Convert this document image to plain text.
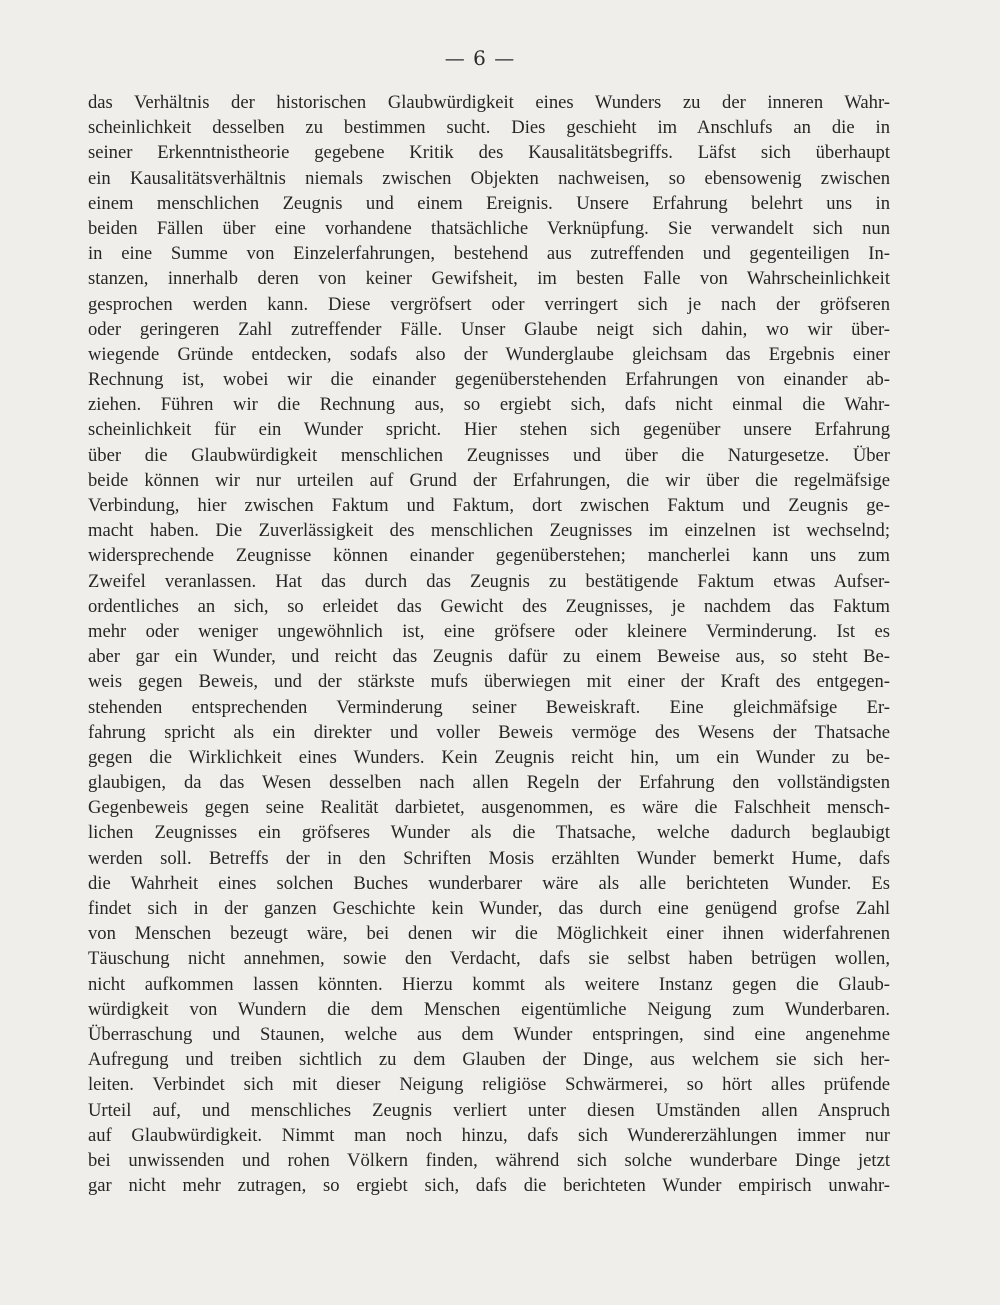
— 6 —
das Verhältnis der historischen Glaubwürdigkeit eines Wunders zu der inneren Wahr-
scheinlichkeit desselben zu bestimmen sucht. Dies geschieht im Anschlufs an die in
seiner Erkenntnistheorie gegebene Kritik des Kausalitätsbegriffs. Läfst sich überhaupt
ein Kausalitätsverhältnis niemals zwischen Objekten nachweisen, so ebensowenig zwischen
einem menschlichen Zeugnis und einem Ereignis. Unsere Erfahrung belehrt uns in
beiden Fällen über eine vorhandene thatsächliche Verknüpfung. Sie verwandelt sich nun
in eine Summe von Einzelerfahrungen, bestehend aus zutreffenden und gegenteiligen In-
stanzen, innerhalb deren von keiner Gewifsheit, im besten Falle von Wahrscheinlichkeit
gesprochen werden kann. Diese vergröfsert oder verringert sich je nach der gröfseren
oder geringeren Zahl zutreffender Fälle. Unser Glaube neigt sich dahin, wo wir über-
wiegende Gründe entdecken, sodafs also der Wunderglaube gleichsam das Ergebnis einer
Rechnung ist, wobei wir die einander gegenüberstehenden Erfahrungen von einander ab-
ziehen. Führen wir die Rechnung aus, so ergiebt sich, dafs nicht einmal die Wahr-
scheinlichkeit für ein Wunder spricht. Hier stehen sich gegenüber unsere Erfahrung
über die Glaubwürdigkeit menschlichen Zeugnisses und über die Naturgesetze. Über
beide können wir nur urteilen auf Grund der Erfahrungen, die wir über die regelmäfsige
Verbindung, hier zwischen Faktum und Faktum, dort zwischen Faktum und Zeugnis ge-
macht haben. Die Zuverlässigkeit des menschlichen Zeugnisses im einzelnen ist wechselnd;
widersprechende Zeugnisse können einander gegenüberstehen; mancherlei kann uns zum
Zweifel veranlassen. Hat das durch das Zeugnis zu bestätigende Faktum etwas Aufser-
ordentliches an sich, so erleidet das Gewicht des Zeugnisses, je nachdem das Faktum
mehr oder weniger ungewöhnlich ist, eine gröfsere oder kleinere Verminderung. Ist es
aber gar ein Wunder, und reicht das Zeugnis dafür zu einem Beweise aus, so steht Be-
weis gegen Beweis, und der stärkste mufs überwiegen mit einer der Kraft des entgegen-
stehenden entsprechenden Verminderung seiner Beweiskraft. Eine gleichmäfsige Er-
fahrung spricht als ein direkter und voller Beweis vermöge des Wesens der Thatsache
gegen die Wirklichkeit eines Wunders. Kein Zeugnis reicht hin, um ein Wunder zu be-
glaubigen, da das Wesen desselben nach allen Regeln der Erfahrung den vollständigsten
Gegenbeweis gegen seine Realität darbietet, ausgenommen, es wäre die Falschheit mensch-
lichen Zeugnisses ein gröfseres Wunder als die Thatsache, welche dadurch beglaubigt
werden soll. Betreffs der in den Schriften Mosis erzählten Wunder bemerkt Hume, dafs
die Wahrheit eines solchen Buches wunderbarer wäre als alle berichteten Wunder. Es
findet sich in der ganzen Geschichte kein Wunder, das durch eine genügend grofse Zahl
von Menschen bezeugt wäre, bei denen wir die Möglichkeit einer ihnen widerfahrenen
Täuschung nicht annehmen, sowie den Verdacht, dafs sie selbst haben betrügen wollen,
nicht aufkommen lassen könnten. Hierzu kommt als weitere Instanz gegen die Glaub-
würdigkeit von Wundern die dem Menschen eigentümliche Neigung zum Wunderbaren.
Überraschung und Staunen, welche aus dem Wunder entspringen, sind eine angenehme
Aufregung und treiben sichtlich zu dem Glauben der Dinge, aus welchem sie sich her-
leiten. Verbindet sich mit dieser Neigung religiöse Schwärmerei, so hört alles prüfende
Urteil auf, und menschliches Zeugnis verliert unter diesen Umständen allen Anspruch
auf Glaubwürdigkeit. Nimmt man noch hinzu, dafs sich Wundererzählungen immer nur
bei unwissenden und rohen Völkern finden, während sich solche wunderbare Dinge jetzt
gar nicht mehr zutragen, so ergiebt sich, dafs die berichteten Wunder empirisch unwahr-
